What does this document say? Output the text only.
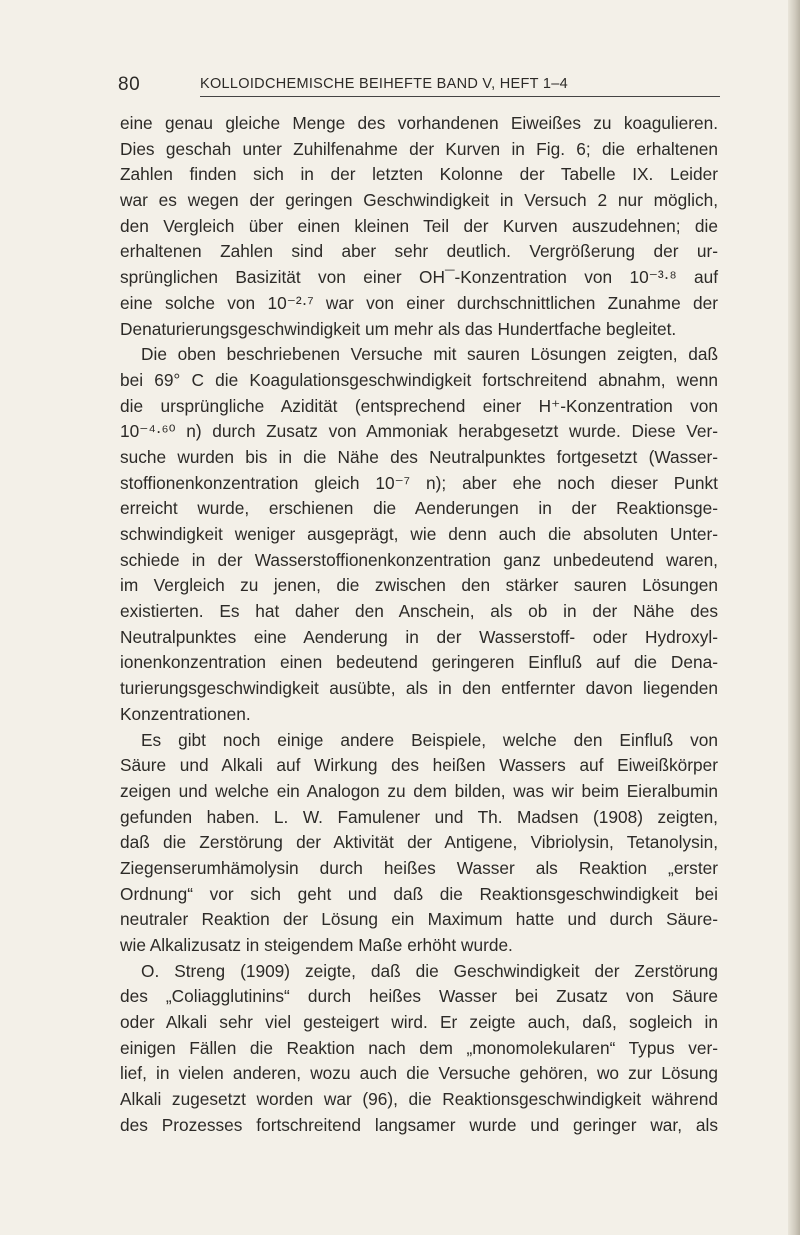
80	KOLLOIDCHEMISCHE BEIHEFTE BAND V, HEFT 1–4
eine genau gleiche Menge des vorhandenen Eiweißes zu koagulieren.
Dies geschah unter Zuhilfenahme der Kurven in Fig. 6; die erhaltenen
Zahlen finden sich in der letzten Kolonne der Tabelle IX. Leider
war es wegen der geringen Geschwindigkeit in Versuch 2 nur möglich,
den Vergleich über einen kleinen Teil der Kurven auszudehnen; die
erhaltenen Zahlen sind aber sehr deutlich. Vergrößerung der ur-
sprünglichen Basizität von einer OH¯-Konzentration von 10⁻³·⁸ auf
eine solche von 10⁻²·⁷ war von einer durchschnittlichen Zunahme der
Denaturierungsgeschwindigkeit um mehr als das Hundertfache begleitet.
Die oben beschriebenen Versuche mit sauren Lösungen zeigten, daß
bei 69° C die Koagulationsgeschwindigkeit fortschreitend abnahm, wenn
die ursprüngliche Azidität (entsprechend einer H⁺-Konzentration von
10⁻⁴·⁶⁰ n) durch Zusatz von Ammoniak herabgesetzt wurde. Diese Ver-
suche wurden bis in die Nähe des Neutralpunktes fortgesetzt (Wasser-
stoffionenkonzentration gleich 10⁻⁷ n); aber ehe noch dieser Punkt
erreicht wurde, erschienen die Aenderungen in der Reaktionsge-
schwindigkeit weniger ausgeprägt, wie denn auch die absoluten Unter-
schiede in der Wasserstoffionenkonzentration ganz unbedeutend waren,
im Vergleich zu jenen, die zwischen den stärker sauren Lösungen
existierten. Es hat daher den Anschein, als ob in der Nähe des
Neutralpunktes eine Aenderung in der Wasserstoff- oder Hydroxyl-
ionenkonzentration einen bedeutend geringeren Einfluß auf die Dena-
turierungsgeschwindigkeit ausübte, als in den entfernter davon liegenden
Konzentrationen.
Es gibt noch einige andere Beispiele, welche den Einfluß von
Säure und Alkali auf Wirkung des heißen Wassers auf Eiweißkörper
zeigen und welche ein Analogon zu dem bilden, was wir beim Eieralbumin
gefunden haben. L. W. Famulener und Th. Madsen (1908) zeigten,
daß die Zerstörung der Aktivität der Antigene, Vibriolysin, Tetanolysin,
Ziegenserumhämolysin durch heißes Wasser als Reaktion „erster
Ordnung“ vor sich geht und daß die Reaktionsgeschwindigkeit bei
neutraler Reaktion der Lösung ein Maximum hatte und durch Säure-
wie Alkalizusatz in steigendem Maße erhöht wurde.
O. Streng (1909) zeigte, daß die Geschwindigkeit der Zerstörung
des „Coliagglutinins“ durch heißes Wasser bei Zusatz von Säure
oder Alkali sehr viel gesteigert wird. Er zeigte auch, daß, sogleich in
einigen Fällen die Reaktion nach dem „monomolekularen“ Typus ver-
lief, in vielen anderen, wozu auch die Versuche gehören, wo zur Lösung
Alkali zugesetzt worden war (96), die Reaktionsgeschwindigkeit während
des Prozesses fortschreitend langsamer wurde und geringer war, als
